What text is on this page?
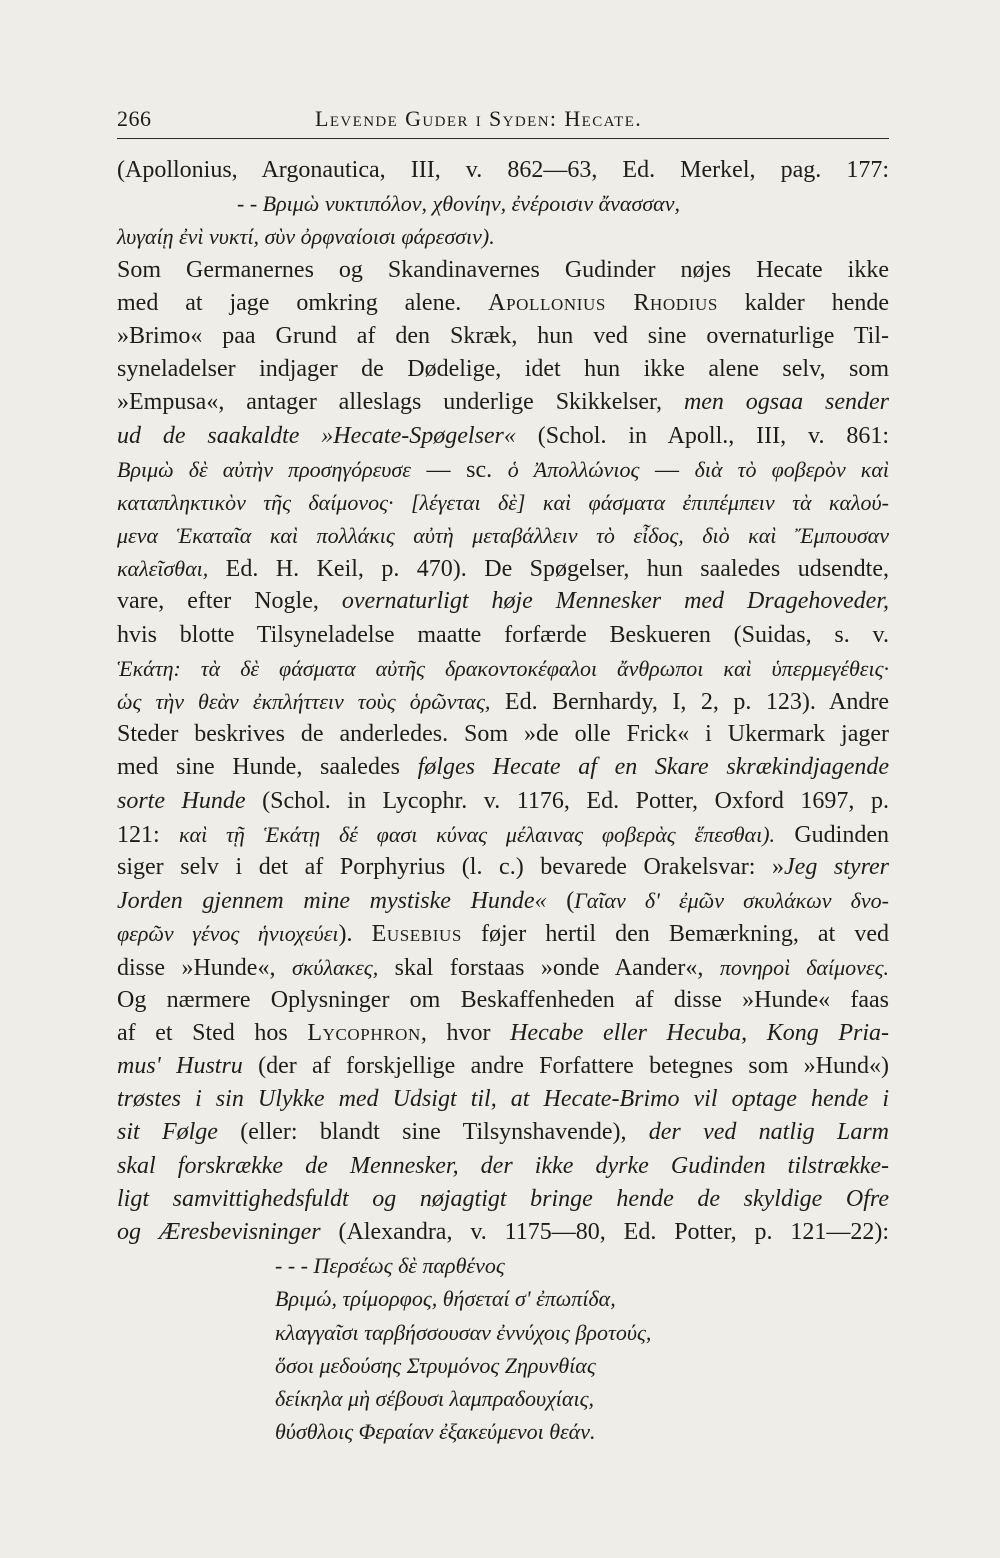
266	Levende Guder i Syden: Hecate.
(Apollonius, Argonautica, III, v. 862—63, Ed. Merkel, pag. 177:
- - Βριμὼ νυκτιπόλον, χθονίην, ἐνέροισιν ἄνασσαν,
λυγαίῃ ἐνὶ νυκτί, σὺν ὀρφναίοισι φάρεσσιν).
Som Germanernes og Skandinavernes Gudinder nøjes Hecate ikke
med at jage omkring alene. Apollonius Rhodius kalder hende
»Brimo« paa Grund af den Skræk, hun ved sine overnaturlige Til-
syneladelser indjager de Dødelige, idet hun ikke alene selv, som
»Empusa«, antager alleslags underlige Skikkelser, men ogsaa sender
ud de saakaldte »Hecate-Spøgelser« (Schol. in Apoll., III, v. 861:
Βριμὼ δὲ αὐτὴν προσηγόρευσε — sc. ὁ Ἀπολλώνιος — διὰ τὸ φοβερὸν καὶ
καταπληκτικὸν τῆς δαίμονος· [λέγεται δὲ] καὶ φάσματα ἐπιπέμπειν τὰ καλού-
μενα Ἑκαταῖα καὶ πολλάκις αὐτὴ μεταβάλλειν τὸ εἶδος, διὸ καὶ Ἔμπουσαν
καλεῖσθαι, Ed. H. Keil, p. 470). De Spøgelser, hun saaledes udsendte,
vare, efter Nogle, overnaturligt høje Mennesker med Dragehoveder,
hvis blotte Tilsyneladelse maatte forfærde Beskueren (Suidas, s. v.
Ἑκάτη: τὰ δὲ φάσματα αὐτῆς δρακοντοκέφαλοι ἄνθρωποι καὶ ὑπερμεγέθεις·
ὡς τὴν θεὰν ἐκπλήττειν τοὺς ὁρῶντας, Ed. Bernhardy, I, 2, p. 123). Andre
Steder beskrives de anderledes. Som »de olle Frick« i Ukermark jager
med sine Hunde, saaledes følges Hecate af en Skare skrækindjagende
sorte Hunde (Schol. in Lycophr. v. 1176, Ed. Potter, Oxford 1697, p.
121: καὶ τῇ Ἑκάτῃ δέ φασι κύνας μέλαινας φοβερὰς ἕπεσθαι). Gudinden
siger selv i det af Porphyrius (l. c.) bevarede Orakelsvar: »Jeg styrer
Jorden gjennem mine mystiske Hunde« (Γαῖαν δ' ἐμῶν σκυλάκων δνο-
φερῶν γένος ἡνιοχεύει). Eusebius føjer hertil den Bemærkning, at ved
disse »Hunde«, σκύλακες, skal forstaas »onde Aander«, πονηροὶ δαίμονες.
Og nærmere Oplysninger om Beskaffenheden af disse »Hunde« faas
af et Sted hos Lycophron, hvor Hecabe eller Hecuba, Kong Pria-
mus' Hustru (der af forskjellige andre Forfattere betegnes som »Hund«)
trøstes i sin Ulykke med Udsigt til, at Hecate-Brimo vil optage hende i
sit Følge (eller: blandt sine Tilsynshavende), der ved natlig Larm
skal forskrække de Mennesker, der ikke dyrke Gudinden tilstrække-
ligt samvittighedsfuldt og nøjagtigt bringe hende de skyldige Ofre
og Æresbevisninger (Alexandra, v. 1175—80, Ed. Potter, p. 121—22):
- - - Περσέως δὲ παρθένος
Βριμώ, τρίμορφος, θήσεταί σ' ἐπωπίδα,
κλαγγαῖσι ταρβήσσουσαν ἐννύχοις βροτούς,
ὅσοι μεδούσης Στρυμόνος Ζηρυνθίας
δείκηλα μὴ σέβουσι λαμπραδουχίαις,
θύσθλοις Φεραίαν ἐξακεύμενοι θεάν.
